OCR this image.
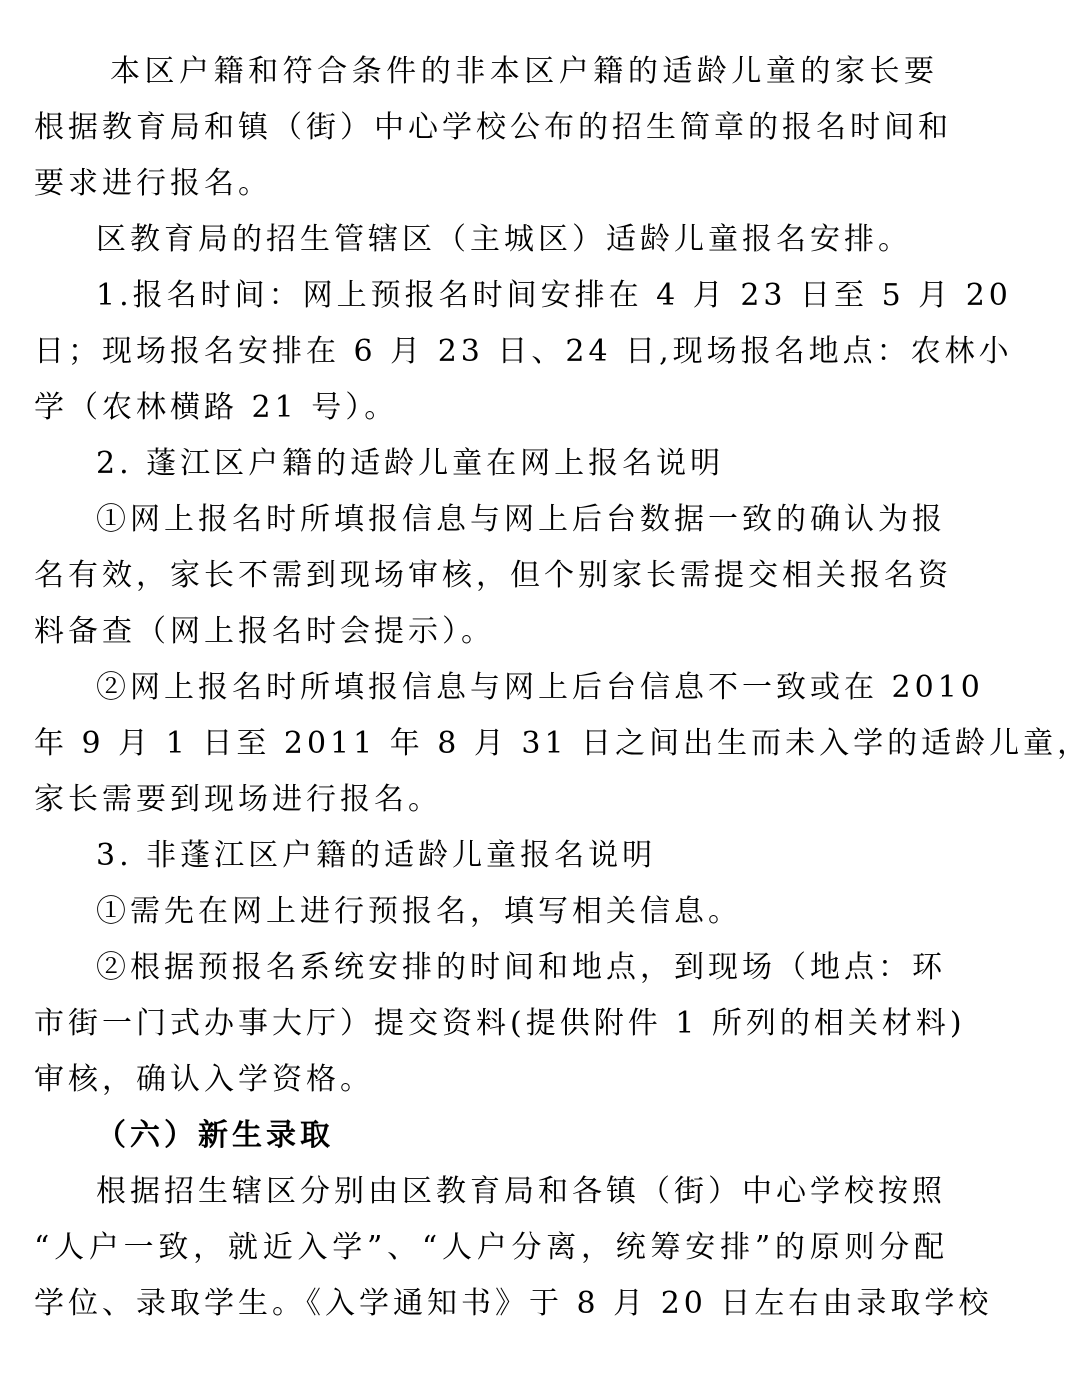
本区户籍和符合条件的非本区户籍的适龄儿童的家长要
根据教育局和镇（街）中心学校公布的招生简章的报名时间和
要求进行报名。
区教育局的招生管辖区（主城区）适龄儿童报名安排。
1.报名时间：网上预报名时间安排在 4 月 23 日至 5 月 20
日；现场报名安排在 6 月 23 日、24 日,现场报名地点：农林小
学（农林横路 21 号）。
2. 蓬江区户籍的适龄儿童在网上报名说明
①网上报名时所填报信息与网上后台数据一致的确认为报
名有效，家长不需到现场审核，但个别家长需提交相关报名资
料备查（网上报名时会提示）。
②网上报名时所填报信息与网上后台信息不一致或在 2010
年 9 月 1 日至 2011 年 8 月 31 日之间出生而未入学的适龄儿童，
家长需要到现场进行报名。
3. 非蓬江区户籍的适龄儿童报名说明
①需先在网上进行预报名，填写相关信息。
②根据预报名系统安排的时间和地点，到现场（地点：环
市街一门式办事大厅）提交资料(提供附件 1 所列的相关材料)
审核，确认入学资格。
（六）新生录取
根据招生辖区分别由区教育局和各镇（街）中心学校按照
“人户一致，就近入学”、“人户分离，统筹安排”的原则分配
学位、录取学生。《入学通知书》于 8 月 20 日左右由录取学校
